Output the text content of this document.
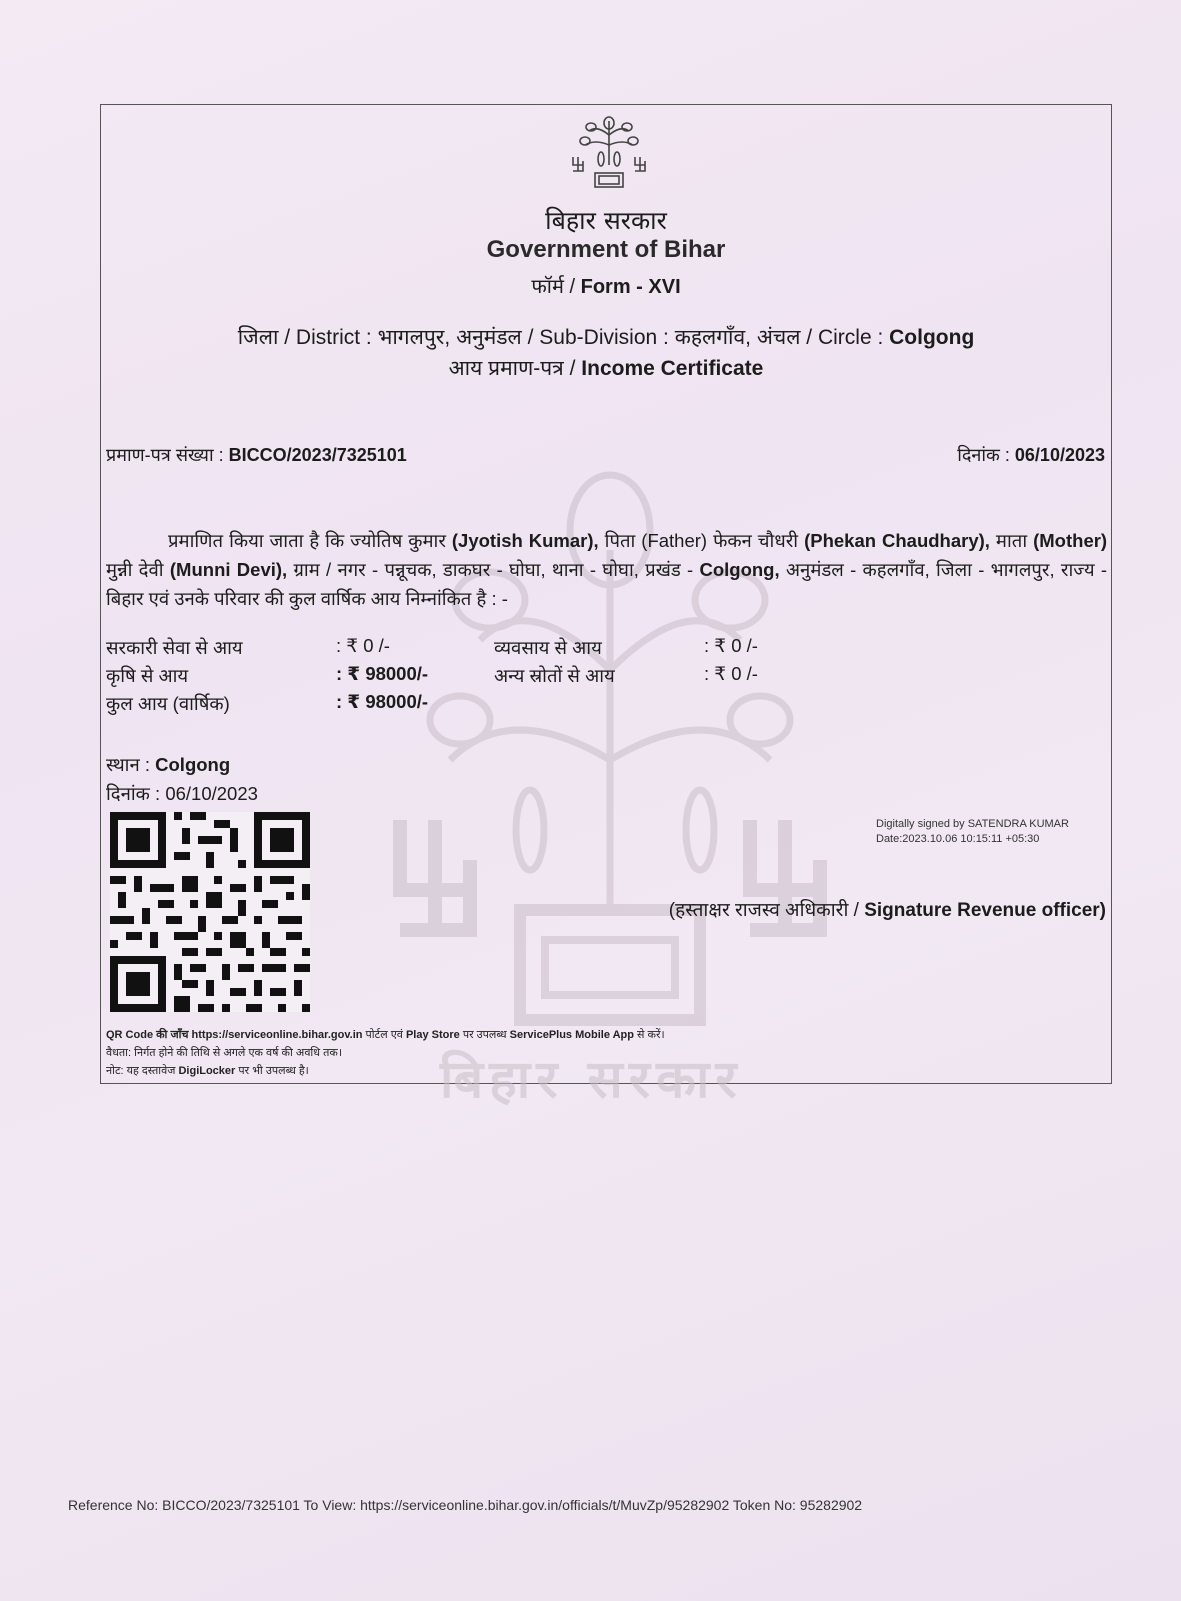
बिहार सरकार
बिहार सरकार
Government of Bihar
फॉर्म / Form - XVI
जिला / District : भागलपुर, अनुमंडल / Sub-Division : कहलगाँव, अंचल / Circle : Colgong
आय प्रमाण-पत्र / Income Certificate
प्रमाण-पत्र संख्या : BICCO/2023/7325101	दिनांक : 06/10/2023
प्रमाणित किया जाता है कि ज्योतिष कुमार (Jyotish Kumar), पिता (Father) फेकन चौधरी (Phekan Chaudhary), माता (Mother) मुन्नी देवी (Munni Devi), ग्राम / नगर - पन्नूचक, डाकघर - घोघा, थाना - घोघा, प्रखंड - Colgong, अनुमंडल - कहलगाँव, जिला - भागलपुर, राज्य - बिहार एवं उनके परिवार की कुल वार्षिक आय निम्नांकित है : -
सरकारी सेवा से आय	: ₹ 0 /-	व्यवसाय से आय	: ₹ 0 /-
कृषि से आय	: ₹ 98000/-	अन्य स्रोतों से आय	: ₹ 0 /-
कुल आय (वार्षिक)	: ₹ 98000/-
स्थान : Colgong
दिनांक : 06/10/2023
Digitally signed by SATENDRA KUMAR
Date:2023.10.06 10:15:11 +05:30
(हस्ताक्षर राजस्व अधिकारी / Signature Revenue officer)
QR Code की जाँच https://serviceonline.bihar.gov.in पोर्टल एवं Play Store पर उपलब्ध ServicePlus Mobile App से करें।
वैधता: निर्गत होने की तिथि से अगले एक वर्ष की अवधि तक।
नोट: यह दस्तावेज DigiLocker पर भी उपलब्ध है।
Reference No: BICCO/2023/7325101 To View: https://serviceonline.bihar.gov.in/officials/t/MuvZp/95282902 Token No: 95282902
